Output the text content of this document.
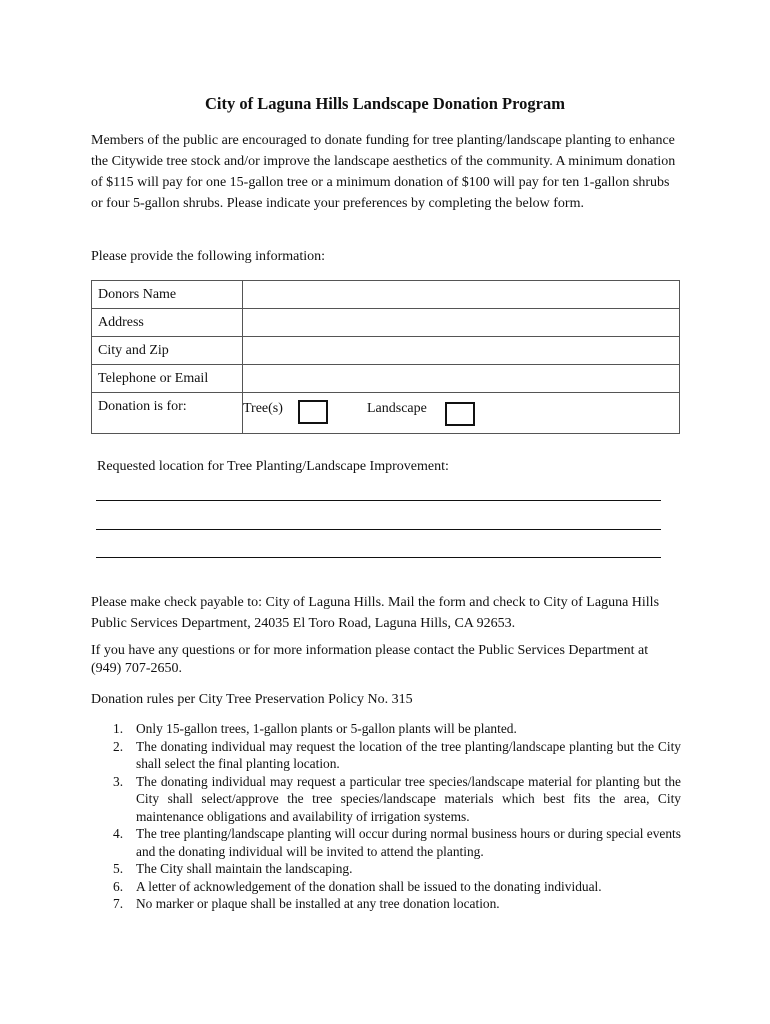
City of Laguna Hills Landscape Donation Program
Members of the public are encouraged to donate funding for tree planting/landscape planting to enhance the Citywide tree stock and/or improve the landscape aesthetics of the community. A minimum donation of $115 will pay for one 15-gallon tree or a minimum donation of $100 will pay for ten 1-gallon shrubs or four 5-gallon shrubs. Please indicate your preferences by completing the below form.
Please provide the following information:
Donors Name	
Address	
City and Zip	
Telephone or Email	
Donation is for:	Tree(s) Landscape
Requested location for Tree Planting/Landscape Improvement:
Please make check payable to: City of Laguna Hills. Mail the form and check to City of Laguna Hills Public Services Department, 24035 El Toro Road, Laguna Hills, CA 92653.
If you have any questions or for more information please contact the Public Services Department at (949) 707-2650.
Donation rules per City Tree Preservation Policy No. 315
1. Only 15-gallon trees, 1-gallon plants or 5-gallon plants will be planted.
2. The donating individual may request the location of the tree planting/landscape planting but the City shall select the final planting location.
3. The donating individual may request a particular tree species/landscape material for planting but the City shall select/approve the tree species/landscape materials which best fits the area, City maintenance obligations and availability of irrigation systems.
4. The tree planting/landscape planting will occur during normal business hours or during special events and the donating individual will be invited to attend the planting.
5. The City shall maintain the landscaping.
6. A letter of acknowledgement of the donation shall be issued to the donating individual.
7. No marker or plaque shall be installed at any tree donation location.
